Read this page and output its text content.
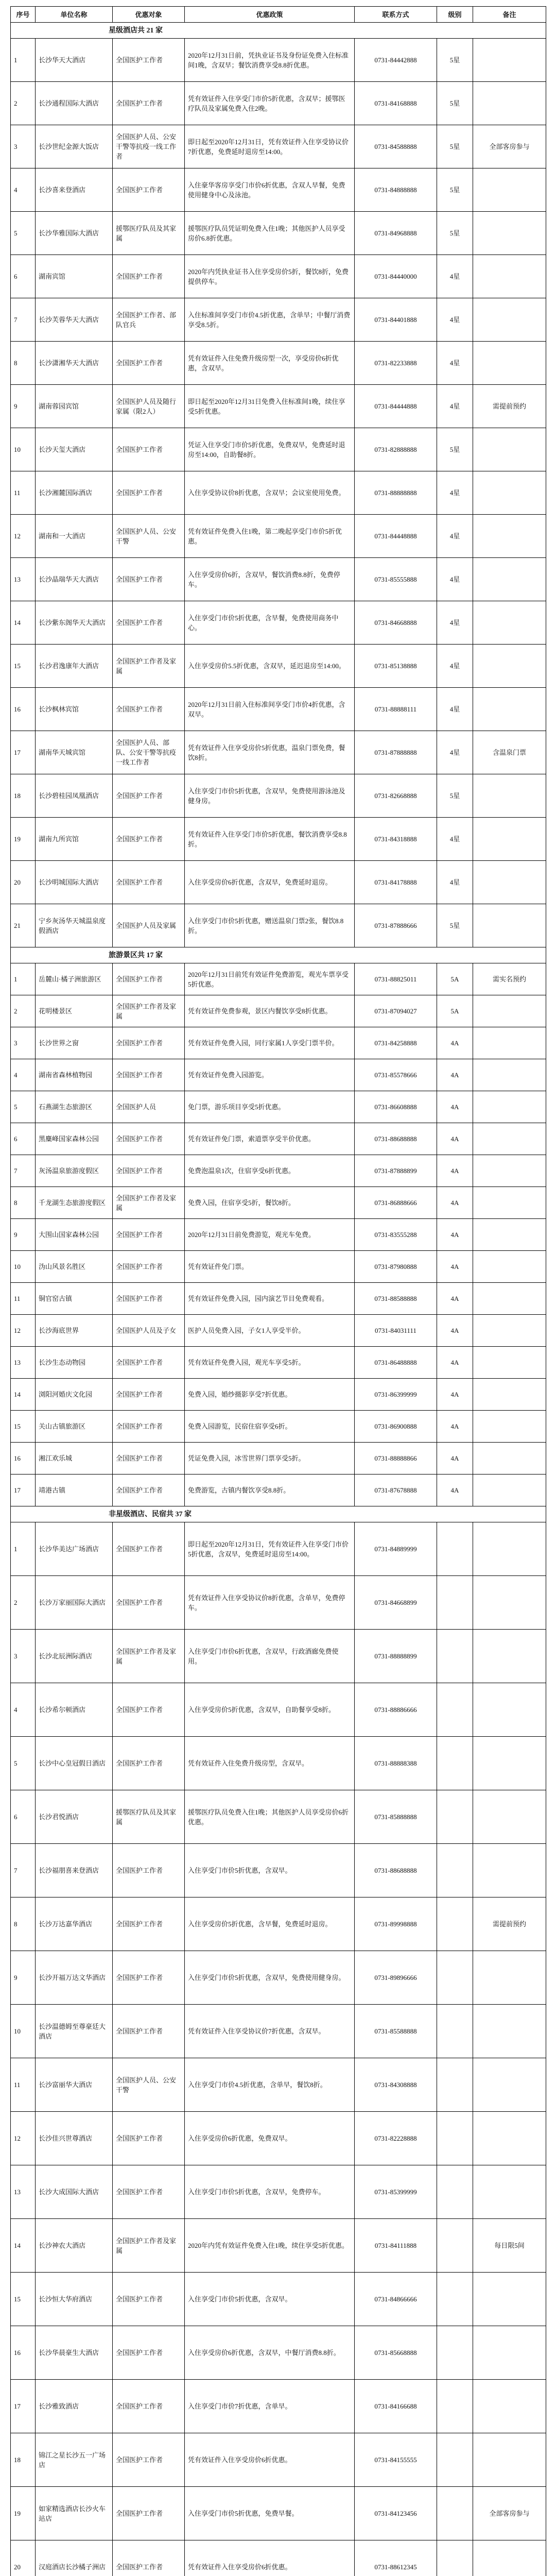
序号	单位名称	优惠对象	优惠政策	联系方式	级别	备注
星级酒店共 21 家						
1	长沙华天大酒店	全国医护工作者	2020年12月31日前，凭执业证书及身份证免费入住标准间1晚，含双早；餐饮消费享受8.8折优惠。	0731-84442888	5星	
2	长沙通程国际大酒店	全国医护工作者	凭有效证件入住享受门市价5折优惠，含双早；援鄂医疗队员及家属免费入住2晚。	0731-84168888	5星	
3	长沙世纪金源大饭店	全国医护人员、公安干警等抗疫一线工作者	即日起至2020年12月31日，凭有效证件入住享受协议价7折优惠，免费延时退房至14:00。	0731-84588888	5星	全部客房参与
4	长沙喜来登酒店	全国医护工作者	入住豪华客房享受门市价6折优惠，含双人早餐，免费使用健身中心及泳池。	0731-84888888	5星	
5	长沙华雅国际大酒店	援鄂医疗队员及其家属	援鄂医疗队员凭证明免费入住1晚；其他医护人员享受房价6.8折优惠。	0731-84968888	5星	
6	湖南宾馆	全国医护工作者	2020年内凭执业证书入住享受房价5折，餐饮8折，免费提供停车。	0731-84440000	4星	
7	长沙芙蓉华天大酒店	全国医护工作者、部队官兵	入住标准间享受门市价4.5折优惠，含单早；中餐厅消费享受8.5折。	0731-84401888	4星	
8	长沙潇湘华天大酒店	全国医护工作者	凭有效证件入住免费升级房型一次，享受房价6折优惠，含双早。	0731-82233888	4星	
9	湖南蓉园宾馆	全国医护人员及随行家属（限2人）	即日起至2020年12月31日免费入住标准间1晚，续住享受5折优惠。	0731-84444888	4星	需提前预约
10	长沙天玺大酒店	全国医护工作者	凭证入住享受门市价5折优惠，免费双早，免费延时退房至14:00，自助餐8折。	0731-82888888	5星	
11	长沙湘麓国际酒店	全国医护工作者	入住享受协议价8折优惠，含双早；会议室使用免费。	0731-88888888	4星	
12	湖南和一大酒店	全国医护人员、公安干警	凭有效证件免费入住1晚，第二晚起享受门市价5折优惠。	0731-84448888	4星	
13	长沙晶瑞华天大酒店	全国医护工作者	入住享受房价6折，含双早，餐饮消费8.8折，免费停车。	0731-85555888	4星	
14	长沙紫东阁华天大酒店	全国医护工作者	入住享受门市价5折优惠，含早餐，免费使用商务中心。	0731-84668888	4星	
15	长沙君逸康年大酒店	全国医护工作者及家属	入住享受房价5.5折优惠，含双早，延迟退房至14:00。	0731-85138888	4星	
16	长沙枫林宾馆	全国医护工作者	2020年12月31日前入住标准间享受门市价4折优惠，含双早。	0731-88888111	4星	
17	湖南华天城宾馆	全国医护人员、部队、公安干警等抗疫一线工作者	凭有效证件入住享受房价5折优惠，温泉门票免费，餐饮8折。	0731-87888888	4星	含温泉门票
18	长沙碧桂园凤凰酒店	全国医护工作者	入住享受门市价5折优惠，含双早，免费使用游泳池及健身房。	0731-82668888	5星	
19	湖南九所宾馆	全国医护工作者	凭有效证件入住享受门市价5折优惠，餐饮消费享受8.8折。	0731-84318888	4星	
20	长沙明城国际大酒店	全国医护工作者	入住享受房价6折优惠，含双早，免费延时退房。	0731-84178888	4星	
21	宁乡灰汤华天城温泉度假酒店	全国医护人员及家属	入住享受门市价5折优惠，赠送温泉门票2张，餐饮8.8折。	0731-87888666	5星	
旅游景区共 17 家						
1	岳麓山·橘子洲旅游区	全国医护工作者	2020年12月31日前凭有效证件免费游览，观光车票享受5折优惠。	0731-88825011	5A	需实名预约
2	花明楼景区	全国医护工作者及家属	凭有效证件免费参观，景区内餐饮享受8折优惠。	0731-87094027	5A	
3	长沙世界之窗	全国医护工作者	凭有效证件免费入园，同行家属1人享受门票半价。	0731-84258888	4A	
4	湖南省森林植物园	全国医护工作者	凭有效证件免费入园游览。	0731-85578666	4A	
5	石燕湖生态旅游区	全国医护人员	免门票，游乐项目享受5折优惠。	0731-86608888	4A	
6	黑麋峰国家森林公园	全国医护工作者	凭有效证件免门票，索道票享受半价优惠。	0731-88688888	4A	
7	灰汤温泉旅游度假区	全国医护工作者	免费泡温泉1次，住宿享受6折优惠。	0731-87888899	4A	
8	千龙湖生态旅游度假区	全国医护工作者及家属	免费入园，住宿享受5折，餐饮8折。	0731-86888666	4A	
9	大围山国家森林公园	全国医护工作者	2020年12月31日前免费游览，观光车免费。	0731-83555288	4A	
10	沩山风景名胜区	全国医护工作者	凭有效证件免门票。	0731-87980888	4A	
11	铜官窑古镇	全国医护工作者	凭有效证件免费入园，园内演艺节目免费观看。	0731-88588888	4A	
12	长沙海底世界	全国医护人员及子女	医护人员免费入园，子女1人享受半价。	0731-84031111	4A	
13	长沙生态动物园	全国医护工作者	凭有效证件免费入园，观光车享受5折。	0731-86488888	4A	
14	浏阳河婚庆文化园	全国医护工作者	免费入园，婚纱摄影享受7折优惠。	0731-86399999	4A	
15	关山古镇旅游区	全国医护工作者	免费入园游览，民宿住宿享受6折。	0731-86900888	4A	
16	湘江欢乐城	全国医护工作者	凭证免费入园，冰雪世界门票享受5折。	0731-88888866	4A	
17	靖港古镇	全国医护工作者	免费游览，古镇内餐饮享受8.8折。	0731-87678888	4A	
非星级酒店、民宿共 37 家						
1	长沙华美达广场酒店	全国医护工作者	即日起至2020年12月31日，凭有效证件入住享受门市价5折优惠，含双早，免费延时退房至14:00。	0731-84889999		
2	长沙万家丽国际大酒店	全国医护工作者	凭有效证件入住享受协议价8折优惠，含单早，免费停车。	0731-84668899		
3	长沙北辰洲际酒店	全国医护工作者及家属	入住享受门市价6折优惠，含双早，行政酒廊免费使用。	0731-88888899		
4	长沙希尔顿酒店	全国医护工作者	入住享受房价5折优惠，含双早，自助餐享受8折。	0731-88886666		
5	长沙中心皇冠假日酒店	全国医护工作者	凭有效证件入住免费升级房型，含双早。	0731-88888388		
6	长沙君悦酒店	援鄂医疗队员及其家属	援鄂医疗队员免费入住1晚；其他医护人员享受房价6折优惠。	0731-85888888		
7	长沙福朋喜来登酒店	全国医护工作者	入住享受门市价5折优惠，含双早。	0731-88688888		
8	长沙万达嘉华酒店	全国医护工作者	入住享受房价5折优惠，含早餐，免费延时退房。	0731-89998888		需提前预约
9	长沙开福万达文华酒店	全国医护工作者	入住享受门市价5折优惠，含双早，免费使用健身房。	0731-89896666		
10	长沙温德姆至尊豪廷大酒店	全国医护工作者	凭有效证件入住享受协议价7折优惠，含双早。	0731-85588888		
11	长沙富丽华大酒店	全国医护人员、公安干警	入住享受门市价4.5折优惠，含单早，餐饮8折。	0731-84308888		
12	长沙佳兴世尊酒店	全国医护工作者	入住享受房价6折优惠，免费双早。	0731-82228888		
13	长沙大成国际大酒店	全国医护工作者	入住享受门市价5折优惠，含双早，免费停车。	0731-85399999		
14	长沙神农大酒店	全国医护工作者及家属	2020年内凭有效证件免费入住1晚，续住享受5折优惠。	0731-84111888		每日限5间
15	长沙恒大华府酒店	全国医护工作者	入住享受门市价5折优惠，含双早。	0731-84866666		
16	长沙华晨豪生大酒店	全国医护工作者	入住享受房价6折优惠，含双早，中餐厅消费8.8折。	0731-85668888		
17	长沙雅致酒店	全国医护工作者	入住享受门市价7折优惠，含单早。	0731-84166688		
18	锦江之星长沙五一广场店	全国医护工作者	凭有效证件入住享受房价6折优惠。	0731-84155555		
19	如家精选酒店长沙火车站店	全国医护工作者	入住享受门市价5折优惠，免费早餐。	0731-84123456		全部客房参与
20	汉庭酒店长沙橘子洲店	全国医护工作者	凭有效证件入住享受房价6折优惠。	0731-88612345		
